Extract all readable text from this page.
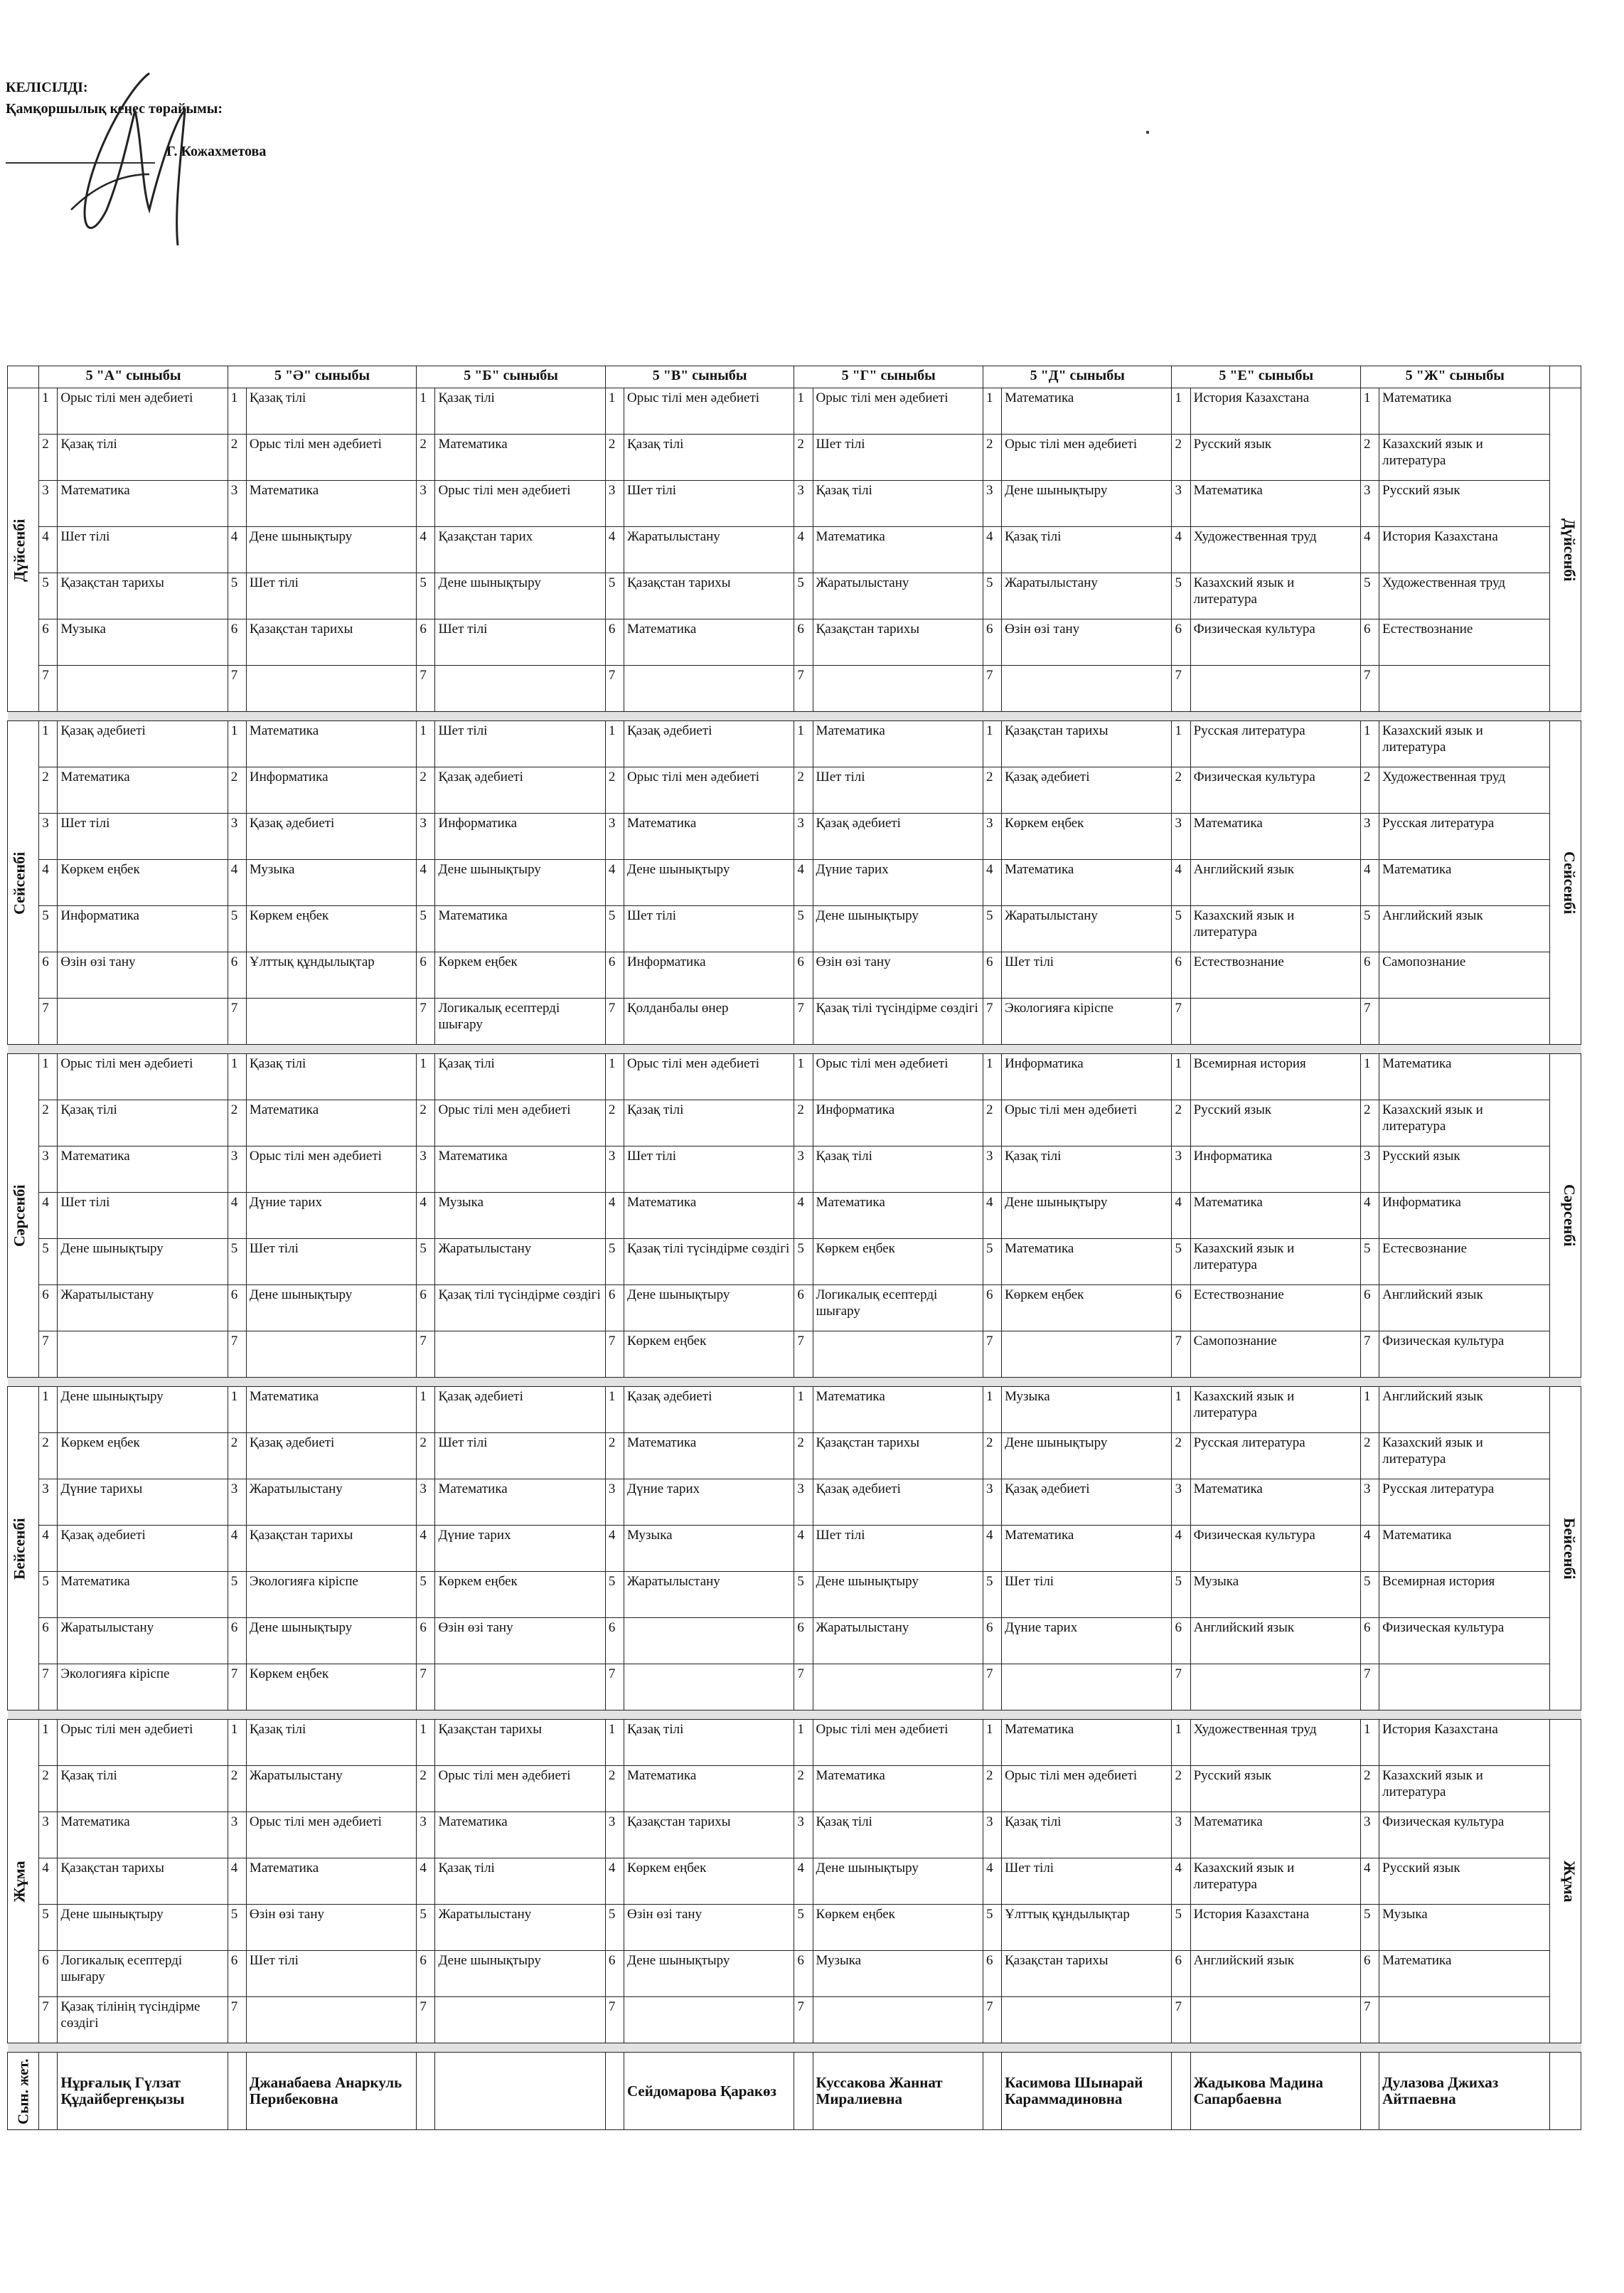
КЕЛІСІЛДІ:
Қамқоршылық кеңес төрайымы:
Г. Кожахметова
	5 "А" сыныбы		5 "Ә" сыныбы		5 "Б" сыныбы		5 "В" сыныбы		5 "Г" сыныбы		5 "Д" сыныбы		5 "Е" сыныбы		5 "Ж" сыныбы		
Дүйсенбі	1	Орыс тілі мен әдебиеті	1	Қазақ тілі	1	Қазақ тілі	1	Орыс тілі мен әдебиеті	1	Орыс тілі мен әдебиеті	1	Математика	1	История Казахстана	1	Математика	Дүйсенбі
	2	Қазақ тілі	2	Орыс тілі мен әдебиеті	2	Математика	2	Қазақ тілі	2	Шет тілі	2	Орыс тілі мен әдебиеті	2	Русский язык	2	Казахский язык и литература	
	3	Математика	3	Математика	3	Орыс тілі мен әдебиеті	3	Шет тілі	3	Қазақ тілі	3	Дене шынықтыру	3	Математика	3	Русский язык	
	4	Шет тілі	4	Дене шынықтыру	4	Қазақстан тарих	4	Жаратылыстану	4	Математика	4	Қазақ тілі	4	Художественная труд	4	История Казахстана	
	5	Қазақстан тарихы	5	Шет тілі	5	Дене шынықтыру	5	Қазақстан тарихы	5	Жаратылыстану	5	Жаратылыстану	5	Казахский язык и литература	5	Художественная труд	
	6	Музыка	6	Қазақстан тарихы	6	Шет тілі	6	Математика	6	Қазақстан тарихы	6	Өзін өзі тану	6	Физическая культура	6	Естествознание	
	7		7		7		7		7		7		7		7		

Сейсенбі	1	Қазақ әдебиеті	1	Математика	1	Шет тілі	1	Қазақ әдебиеті	1	Математика	1	Қазақстан тарихы	1	Русская литература	1	Казахский язык и литература	Сейсенбі
	2	Математика	2	Информатика	2	Қазақ әдебиеті	2	Орыс тілі мен әдебиеті	2	Шет тілі	2	Қазақ әдебиеті	2	Физическая культура	2	Художественная труд	
	3	Шет тілі	3	Қазақ әдебиеті	3	Информатика	3	Математика	3	Қазақ әдебиеті	3	Көркем еңбек	3	Математика	3	Русская литература	
	4	Көркем еңбек	4	Музыка	4	Дене шынықтыру	4	Дене шынықтыру	4	Дүние тарих	4	Математика	4	Английский язык	4	Математика	
	5	Информатика	5	Көркем еңбек	5	Математика	5	Шет тілі	5	Дене шынықтыру	5	Жаратылыстану	5	Казахский язык и литература	5	Английский язык	
	6	Өзін өзі тану	6	Ұлттық құндылықтар	6	Көркем еңбек	6	Информатика	6	Өзін өзі тану	6	Шет тілі	6	Естествознание	6	Самопознание	
	7		7		7	Логикалық есептерді шығару	7	Қолданбалы өнер	7	Қазақ тілі түсіндірме сөздігі	7	Экологияға кіріспе	7		7		

Сәрсенбі	1	Орыс тілі мен әдебиеті	1	Қазақ тілі	1	Қазақ тілі	1	Орыс тілі мен әдебиеті	1	Орыс тілі мен әдебиеті	1	Информатика	1	Всемирная история	1	Математика	Сәрсенбі
	2	Қазақ тілі	2	Математика	2	Орыс тілі мен әдебиеті	2	Қазақ тілі	2	Информатика	2	Орыс тілі мен әдебиеті	2	Русский язык	2	Казахский язык и литература	
	3	Математика	3	Орыс тілі мен әдебиеті	3	Математика	3	Шет тілі	3	Қазақ тілі	3	Қазақ тілі	3	Информатика	3	Русский язык	
	4	Шет тілі	4	Дүние тарих	4	Музыка	4	Математика	4	Математика	4	Дене шынықтыру	4	Математика	4	Информатика	
	5	Дене шынықтыру	5	Шет тілі	5	Жаратылыстану	5	Қазақ тілі түсіндірме сөздігі	5	Көркем еңбек	5	Математика	5	Казахский язык и литература	5	Естесвознание	
	6	Жаратылыстану	6	Дене шынықтыру	6	Қазақ тілі түсіндірме сөздігі	6	Дене шынықтыру	6	Логикалық есептерді шығару	6	Көркем еңбек	6	Естествознание	6	Английский язык	
	7		7		7		7	Көркем еңбек	7		7		7	Самопознание	7	Физическая культура	

Бейсенбі	1	Дене шынықтыру	1	Математика	1	Қазақ әдебиеті	1	Қазақ әдебиеті	1	Математика	1	Музыка	1	Казахский язык и литература	1	Английский язык	Бейсенбі
	2	Көркем еңбек	2	Қазақ әдебиеті	2	Шет тілі	2	Математика	2	Қазақстан тарихы	2	Дене шынықтыру	2	Русская литература	2	Казахский язык и литература	
	3	Дүние тарихы	3	Жаратылыстану	3	Математика	3	Дүние тарих	3	Қазақ әдебиеті	3	Қазақ әдебиеті	3	Математика	3	Русская литература	
	4	Қазақ әдебиеті	4	Қазақстан тарихы	4	Дүние тарих	4	Музыка	4	Шет тілі	4	Математика	4	Физическая культура	4	Математика	
	5	Математика	5	Экологияға кіріспе	5	Көркем еңбек	5	Жаратылыстану	5	Дене шынықтыру	5	Шет тілі	5	Музыка	5	Всемирная история	
	6	Жаратылыстану	6	Дене шынықтыру	6	Өзін өзі тану	6		6	Жаратылыстану	6	Дүние тарих	6	Английский язык	6	Физическая культура	
	7	Экологияға кіріспе	7	Көркем еңбек	7		7		7		7		7		7		

Жұма	1	Орыс тілі мен әдебиеті	1	Қазақ тілі	1	Қазақстан тарихы	1	Қазақ тілі	1	Орыс тілі мен әдебиеті	1	Математика	1	Художественная труд	1	История Казахстана	Жұма
	2	Қазақ тілі	2	Жаратылыстану	2	Орыс тілі мен әдебиеті	2	Математика	2	Математика	2	Орыс тілі мен әдебиеті	2	Русский язык	2	Казахский язык и литература	
	3	Математика	3	Орыс тілі мен әдебиеті	3	Математика	3	Қазақстан тарихы	3	Қазақ тілі	3	Қазақ тілі	3	Математика	3	Физическая культура	
	4	Қазақстан тарихы	4	Математика	4	Қазақ тілі	4	Көркем еңбек	4	Дене шынықтыру	4	Шет тілі	4	Казахский язык и литература	4	Русский язык	
	5	Дене шынықтыру	5	Өзін өзі тану	5	Жаратылыстану	5	Өзін өзі тану	5	Көркем еңбек	5	Ұлттық құндылықтар	5	История Казахстана	5	Музыка	
	6	Логикалық есептерді шығару	6	Шет тілі	6	Дене шынықтыру	6	Дене шынықтыру	6	Музыка	6	Қазақстан тарихы	6	Английский язык	6	Математика	
	7	Қазақ тілінің түсіндірме сөздігі	7		7		7		7		7		7		7		

Сын. жет.		Нұрғалық Гүлзат Құдайбергенқызы		Джанабаева Анаркуль Перибековна				Сейдомарова Қаракөз		Куссакова Жаннат Миралиевна		Касимова Шынарай Караммадиновна		Жадыкова Мадина Сапарбаевна		Дулазова Джихаз Айтпаевна	
